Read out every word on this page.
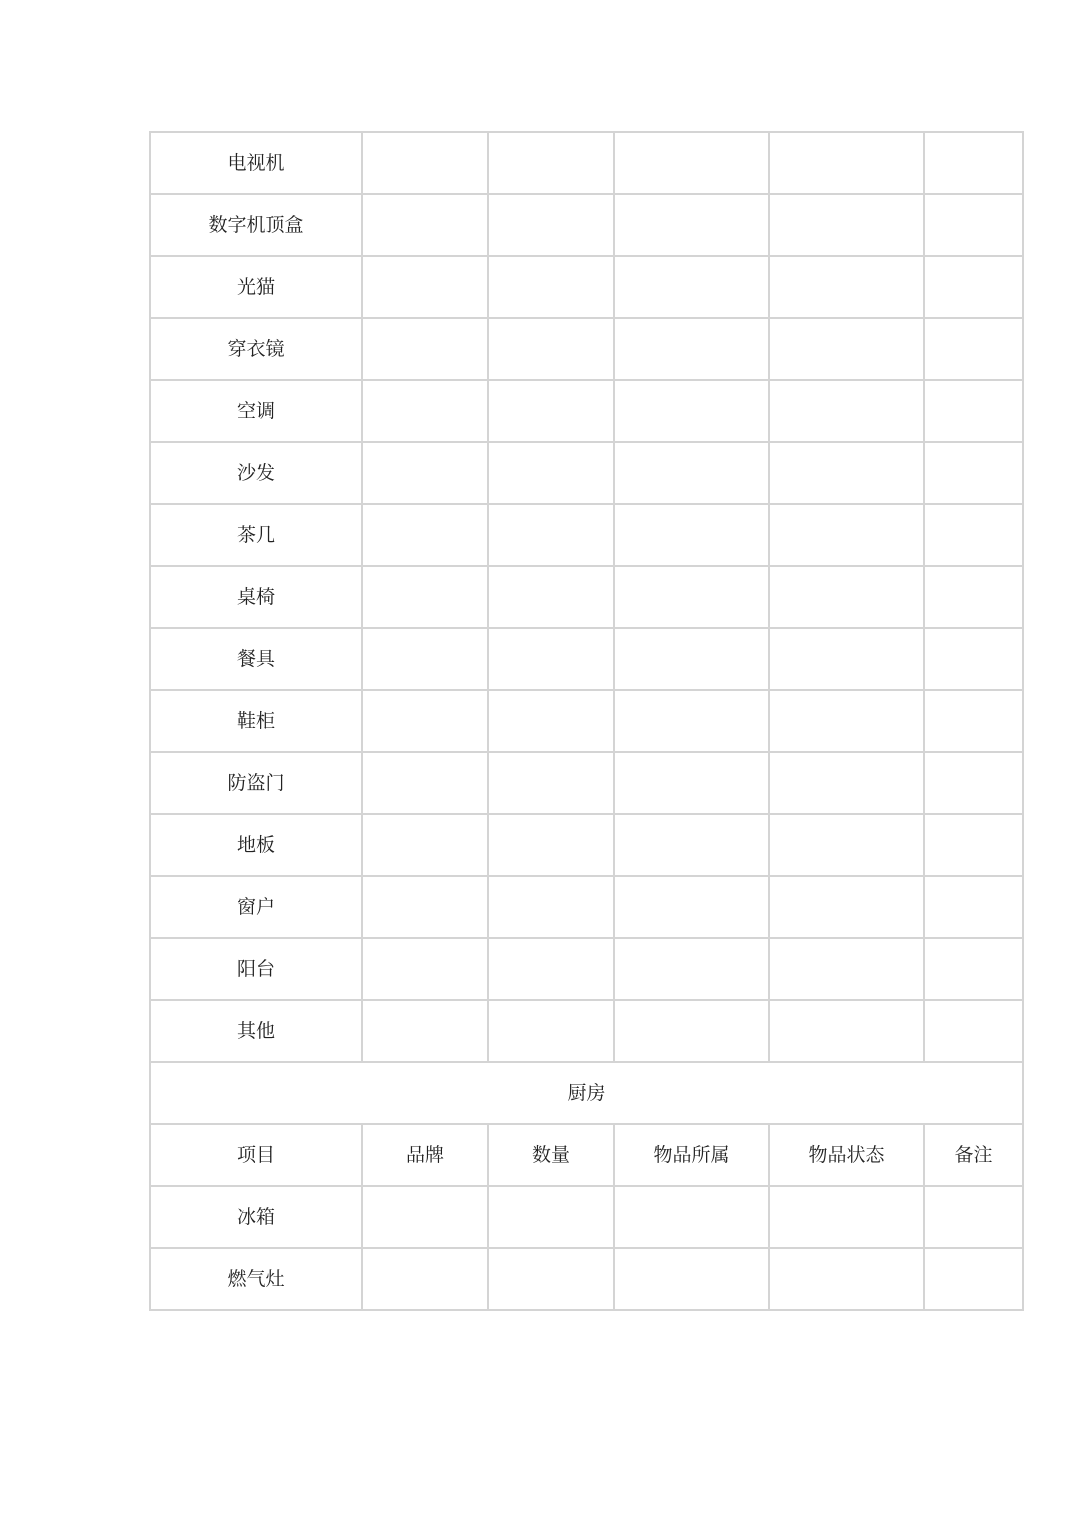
电视机					
数字机顶盒					
光猫					
穿衣镜					
空调					
沙发					
茶几					
桌椅					
餐具					
鞋柜					
防盗门					
地板					
窗户					
阳台					
其他					
厨房					
项目	品牌	数量	物品所属	物品状态	备注
冰箱					
燃气灶					
